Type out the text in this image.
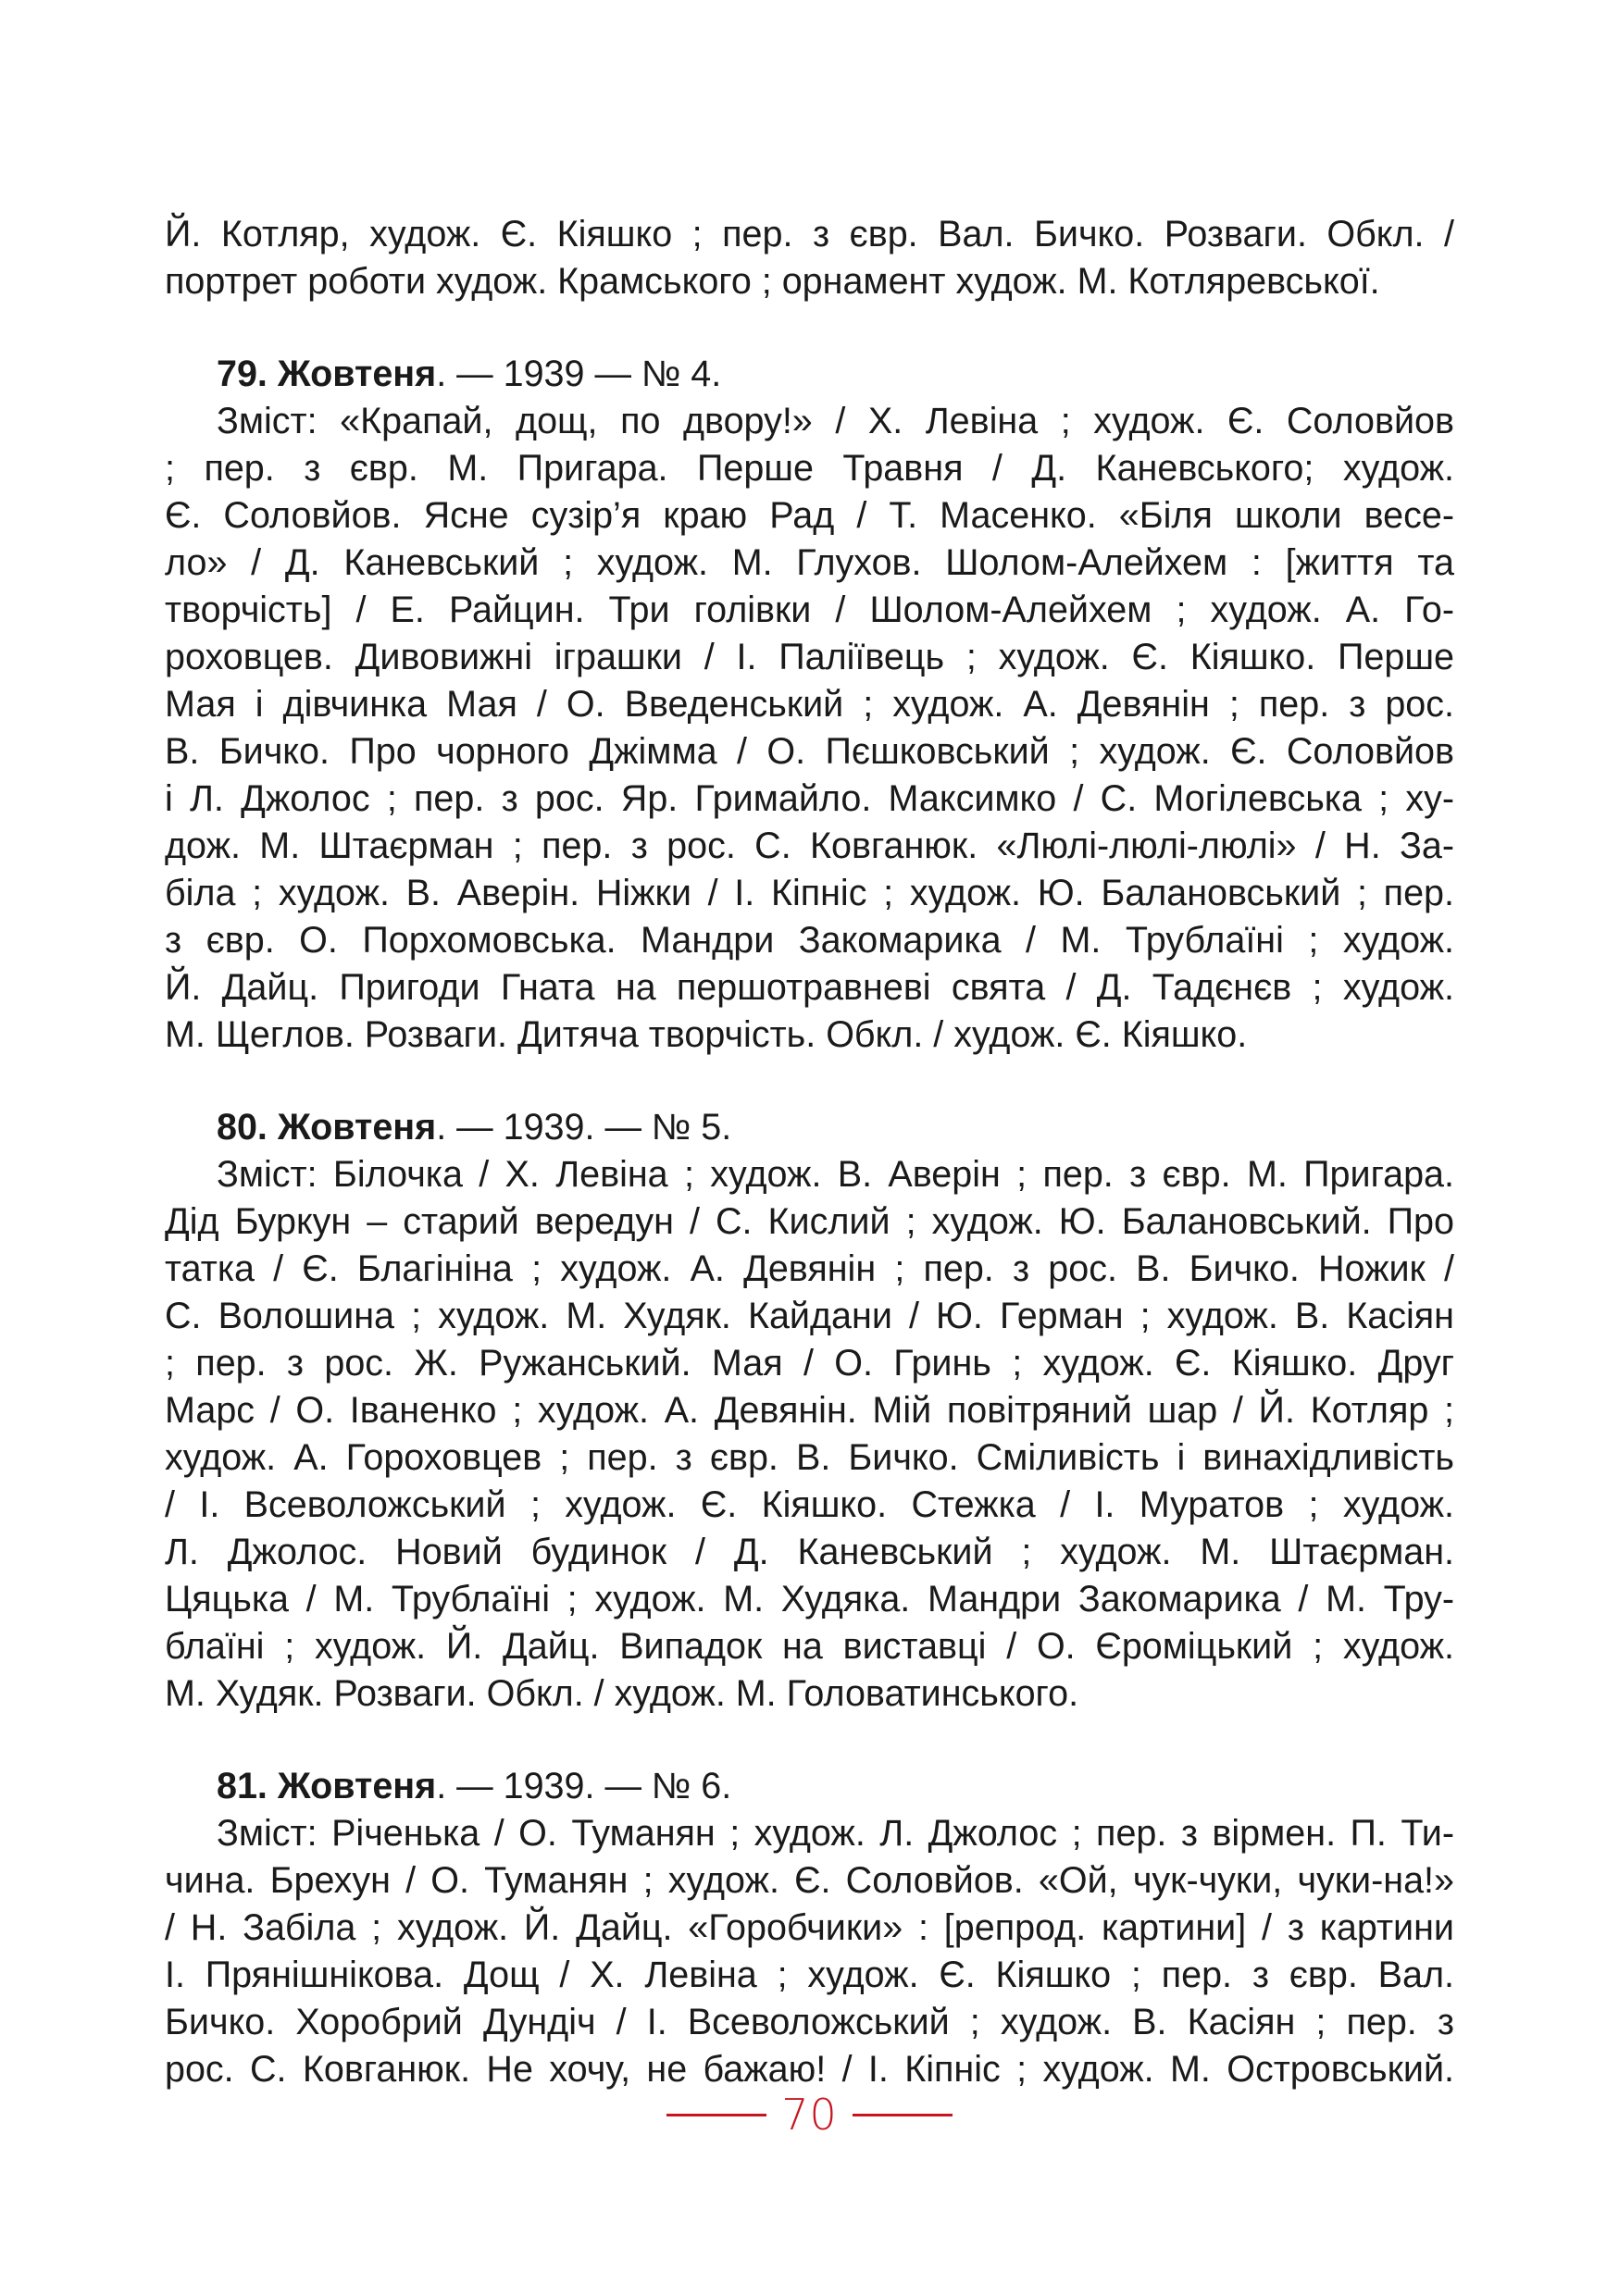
Й. Котляр, худож. Є. Кіяшко ; пер. з євр. Вал. Бичко. Розваги. Обкл. /

портрет роботи худож. Крамського ; орнамент худож. М. Котляревської.

79. Жовтеня. — 1939 — № 4.

Зміст: «Крапай, дощ, по двору!» / Х. Левіна ; худож. Є. Соловйов

; пер. з євр. М. Пригара. Перше Травня / Д. Каневського; худож.

Є. Соловйов. Ясне сузір’я краю Рад / Т. Масенко. «Біля школи весе-

ло» / Д. Каневський ; худож. М. Глухов. Шолом-Алейхем : [життя та

творчість] / Е. Райцин. Три голівки / Шолом-Алейхем ; худож. А. Го-

роховцев. Дивовижні іграшки / І. Паліївець ; худож. Є. Кіяшко. Перше

Мая і дівчинка Мая / О. Введенський ; худож. А. Девянін ; пер. з рос.

В. Бичко. Про чорного Джімма / О. Пєшковський ; худож. Є. Соловйов

і Л. Джолос ; пер. з рос. Яр. Гримайло. Максимко / С. Могілевська ; ху-

дож. М. Штаєрман ; пер. з рос. С. Ковганюк. «Люлі-люлі-люлі» / Н. За-

біла ; худож. В. Аверін. Ніжки / І. Кіпніс ; худож. Ю. Балановський ; пер.

з євр. О. Порхомовська. Мандри Закомарика / М. Трублаїні ; худож.

Й. Дайц. Пригоди Гната на першотравневі свята / Д. Тадєнєв ; худож.

М. Щеглов. Розваги. Дитяча творчість. Обкл. / худож. Є. Кіяшко.

80. Жовтеня. — 1939. — № 5.

Зміст: Білочка / Х. Левіна ; худож. В. Аверін ; пер. з євр. М. Пригара.

Дід Буркун – старий вередун / С. Кислий ; худож. Ю. Балановський. Про

татка / Є. Благініна ; худож. А. Девянін ; пер. з рос. В. Бичко. Ножик /

С. Волошина ; худож. М. Худяк. Кайдани / Ю. Герман ; худож. В. Касіян

; пер. з рос. Ж. Ружанський. Мая / О. Гринь ; худож. Є. Кіяшко. Друг

Марс / О. Іваненко ; худож. А. Девянін. Мій повітряний шар / Й. Котляр ;

худож. А. Гороховцев ; пер. з євр. В. Бичко. Сміливість і винахідливість

/ І. Всеволожський ; худож. Є. Кіяшко. Стежка / І. Муратов ; худож.

Л. Джолос. Новий будинок / Д. Каневський ; худож. М. Штаєрман.

Цяцька / М. Трублаїні ; худож. М. Худяка. Мандри Закомарика / М. Тру-

блаїні ; худож. Й. Дайц. Випадок на виставці / О. Єроміцький ; худож.

М. Худяк. Розваги. Обкл. / худож. М. Головатинського.

81. Жовтеня. — 1939. — № 6.

Зміст: Річенька / О. Туманян ; худож. Л. Джолос ; пер. з вірмен. П. Ти-

чина. Брехун / О. Туманян ; худож. Є. Соловйов. «Ой, чук-чуки, чуки-на!»

/ Н. Забіла ; худож. Й. Дайц. «Горобчики» : [репрод. картини] / з картини

І. Прянішнікова. Дощ / Х. Левіна ; худож. Є. Кіяшко ; пер. з євр. Вал.

Бичко. Хоробрий Дундіч / І. Всеволожський ; худож. В. Касіян ; пер. з

рос. С. Ковганюк. Не хочу, не бажаю! / І. Кіпніс ; худож. М. Островський.

70
